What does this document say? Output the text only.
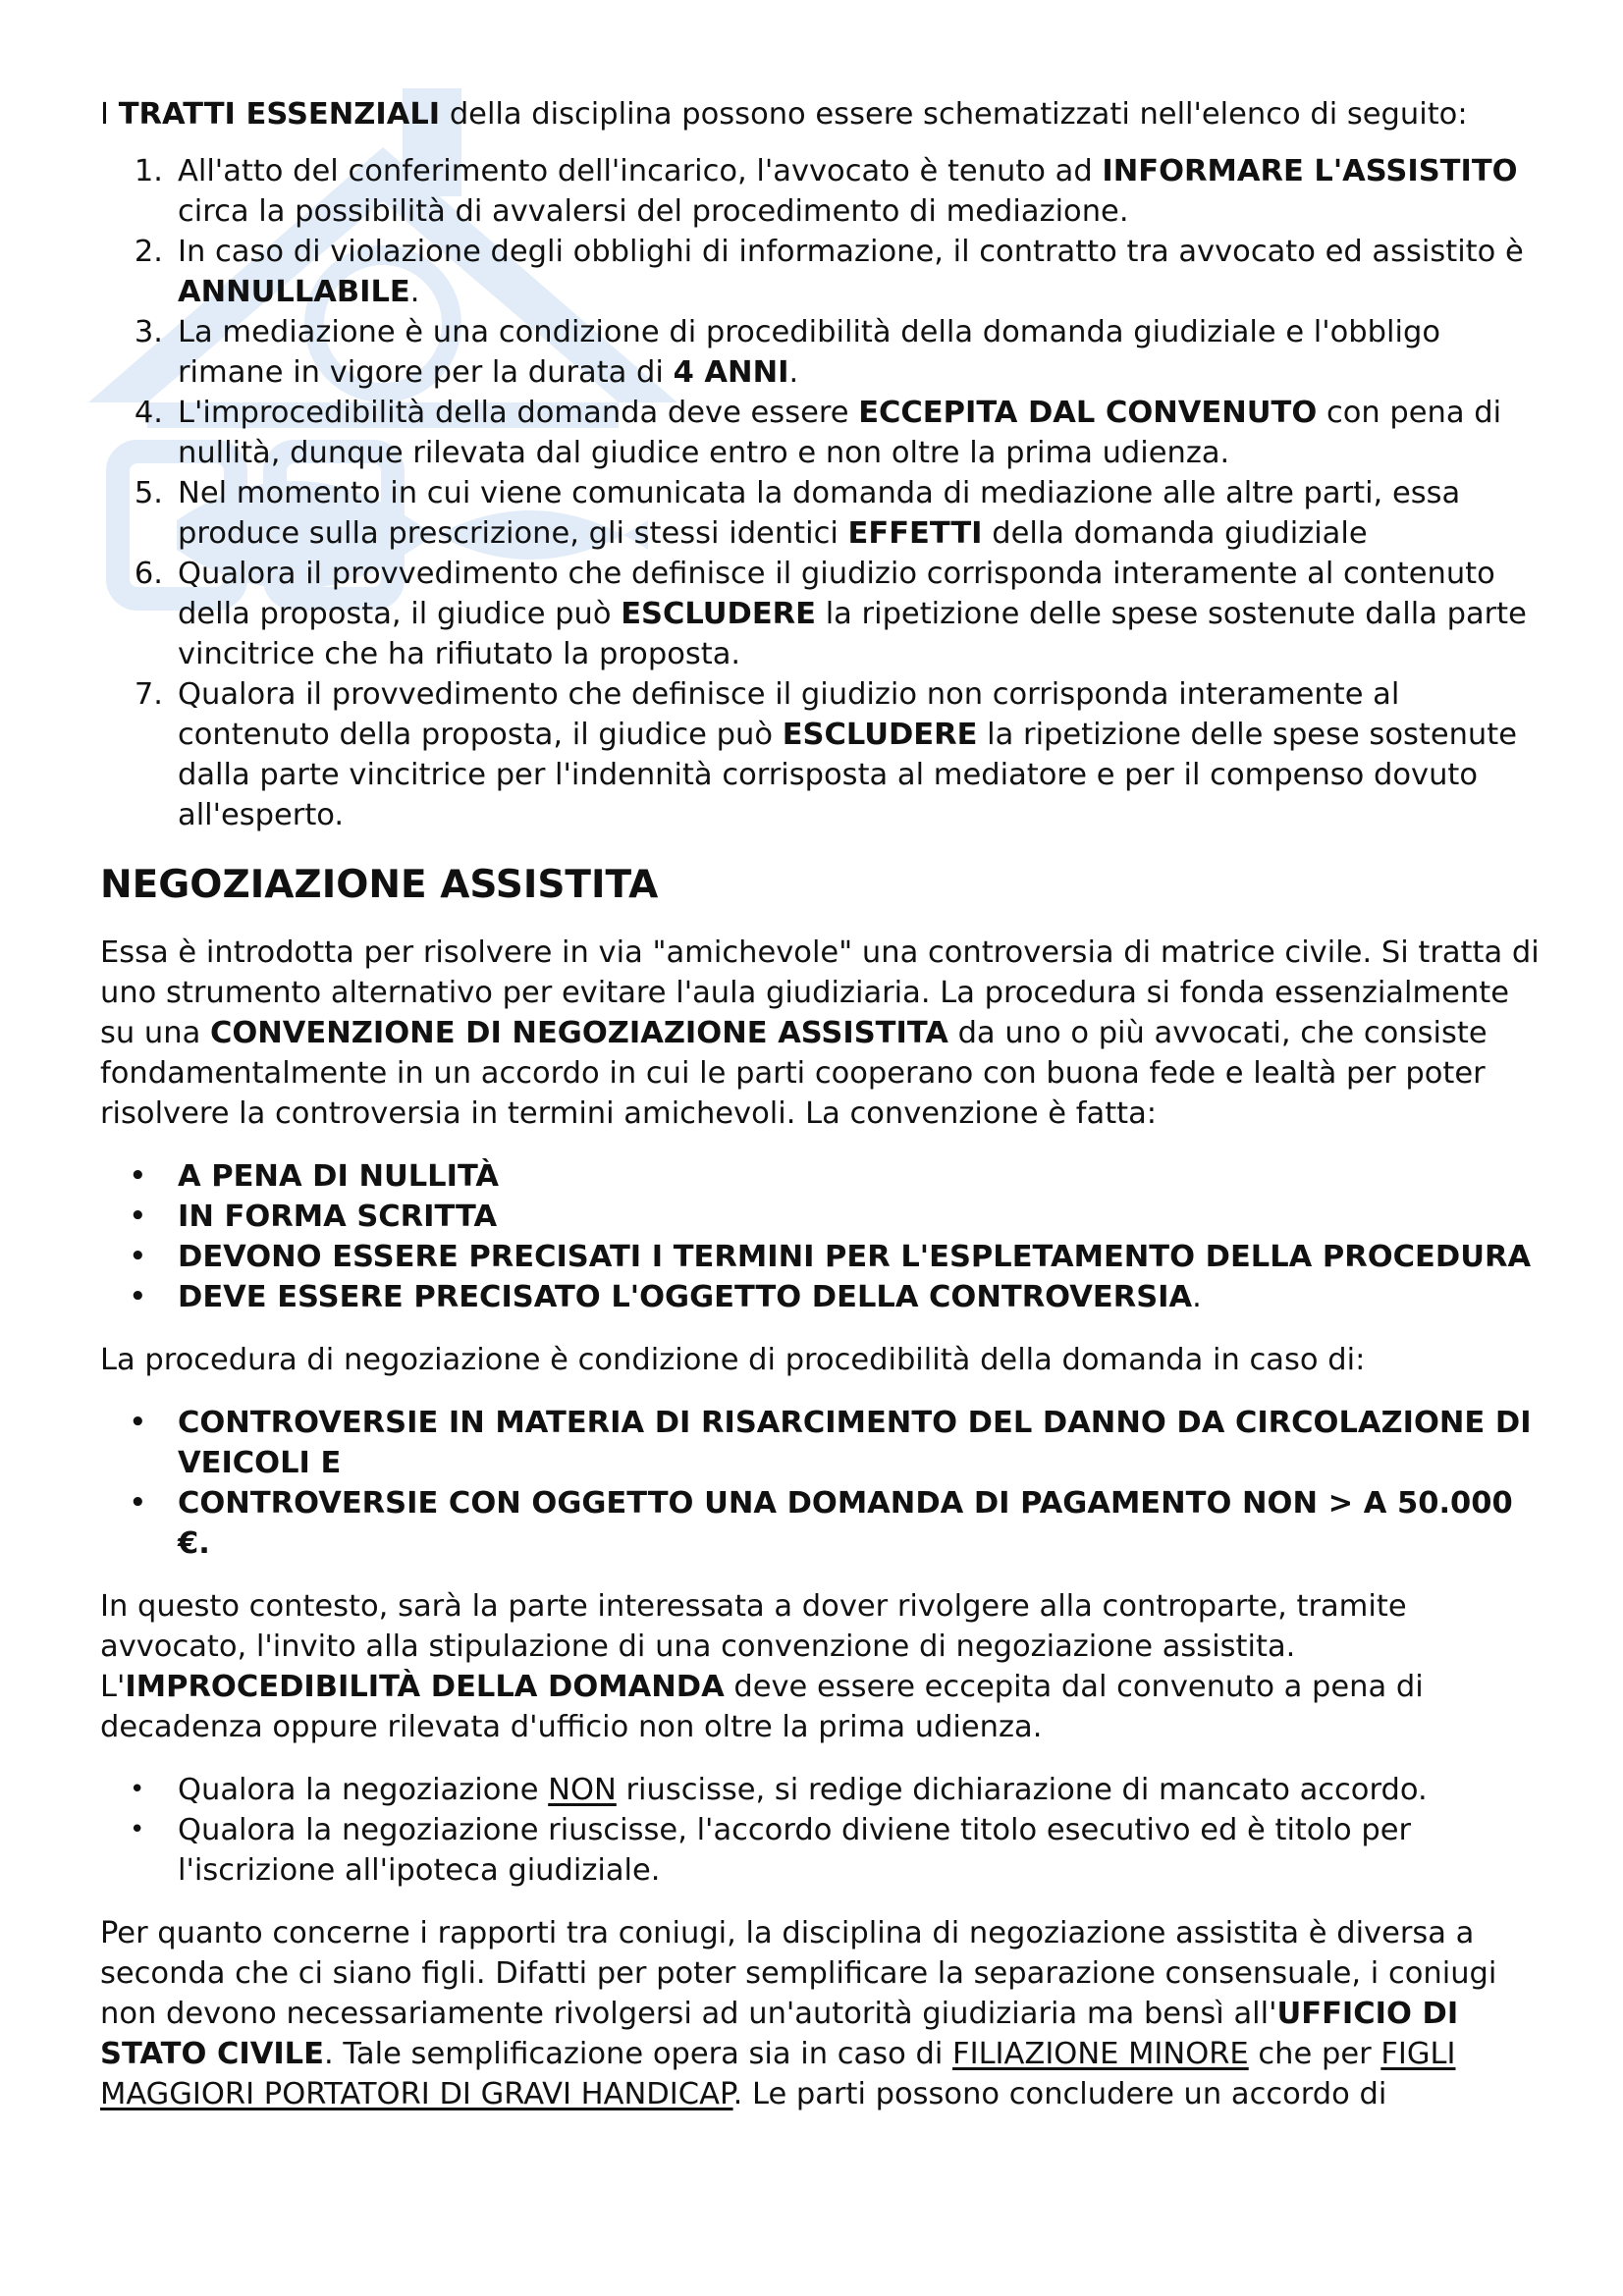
I TRATTI ESSENZIALI della disciplina possono essere schematizzati nell'elenco di seguito:

1. All'atto del conferimento dell'incarico, l'avvocato è tenuto ad INFORMARE L'ASSISTITO circa la possibilità di avvalersi del procedimento di mediazione.
2. In caso di violazione degli obblighi di informazione, il contratto tra avvocato ed assistito è ANNULLABILE.
3. La mediazione è una condizione di procedibilità della domanda giudiziale e l'obbligo rimane in vigore per la durata di 4 ANNI.
4. L'improcedibilità della domanda deve essere ECCEPITA DAL CONVENUTO con pena di nullità, dunque rilevata dal giudice entro e non oltre la prima udienza.
5. Nel momento in cui viene comunicata la domanda di mediazione alle altre parti, essa produce sulla prescrizione, gli stessi identici EFFETTI della domanda giudiziale
6. Qualora il provvedimento che definisce il giudizio corrisponda interamente al contenuto della proposta, il giudice può ESCLUDERE la ripetizione delle spese sostenute dalla parte vincitrice che ha rifiutato la proposta.
7. Qualora il provvedimento che definisce il giudizio non corrisponda interamente al contenuto della proposta, il giudice può ESCLUDERE la ripetizione delle spese sostenute dalla parte vincitrice per l'indennità corrisposta al mediatore e per il compenso dovuto all'esperto.

NEGOZIAZIONE ASSISTITA

Essa è introdotta per risolvere in via "amichevole" una controversia di matrice civile. Si tratta di uno strumento alternativo per evitare l'aula giudiziaria. La procedura si fonda essenzialmente su una CONVENZIONE DI NEGOZIAZIONE ASSISTITA da uno o più avvocati, che consiste fondamentalmente in un accordo in cui le parti cooperano con buona fede e lealtà per poter risolvere la controversia in termini amichevoli. La convenzione è fatta:

• A PENA DI NULLITÀ
• IN FORMA SCRITTA
• DEVONO ESSERE PRECISATI I TERMINI PER L'ESPLETAMENTO DELLA PROCEDURA
• DEVE ESSERE PRECISATO L'OGGETTO DELLA CONTROVERSIA.

La procedura di negoziazione è condizione di procedibilità della domanda in caso di:

• CONTROVERSIE IN MATERIA DI RISARCIMENTO DEL DANNO DA CIRCOLAZIONE DI VEICOLI E
• CONTROVERSIE CON OGGETTO UNA DOMANDA DI PAGAMENTO NON > A 50.000 €.

In questo contesto, sarà la parte interessata a dover rivolgere alla controparte, tramite avvocato, l'invito alla stipulazione di una convenzione di negoziazione assistita. L'IMPROCEDIBILITÀ DELLA DOMANDA deve essere eccepita dal convenuto a pena di decadenza oppure rilevata d'ufficio non oltre la prima udienza.

• Qualora la negoziazione NON riuscisse, si redige dichiarazione di mancato accordo.
• Qualora la negoziazione riuscisse, l'accordo diviene titolo esecutivo ed è titolo per l'iscrizione all'ipoteca giudiziale.

Per quanto concerne i rapporti tra coniugi, la disciplina di negoziazione assistita è diversa a seconda che ci siano figli. Difatti per poter semplificare la separazione consensuale, i coniugi non devono necessariamente rivolgersi ad un'autorità giudiziaria ma bensì all'UFFICIO DI STATO CIVILE. Tale semplificazione opera sia in caso di FILIAZIONE MINORE che per FIGLI MAGGIORI PORTATORI DI GRAVI HANDICAP. Le parti possono concludere un accordo di
